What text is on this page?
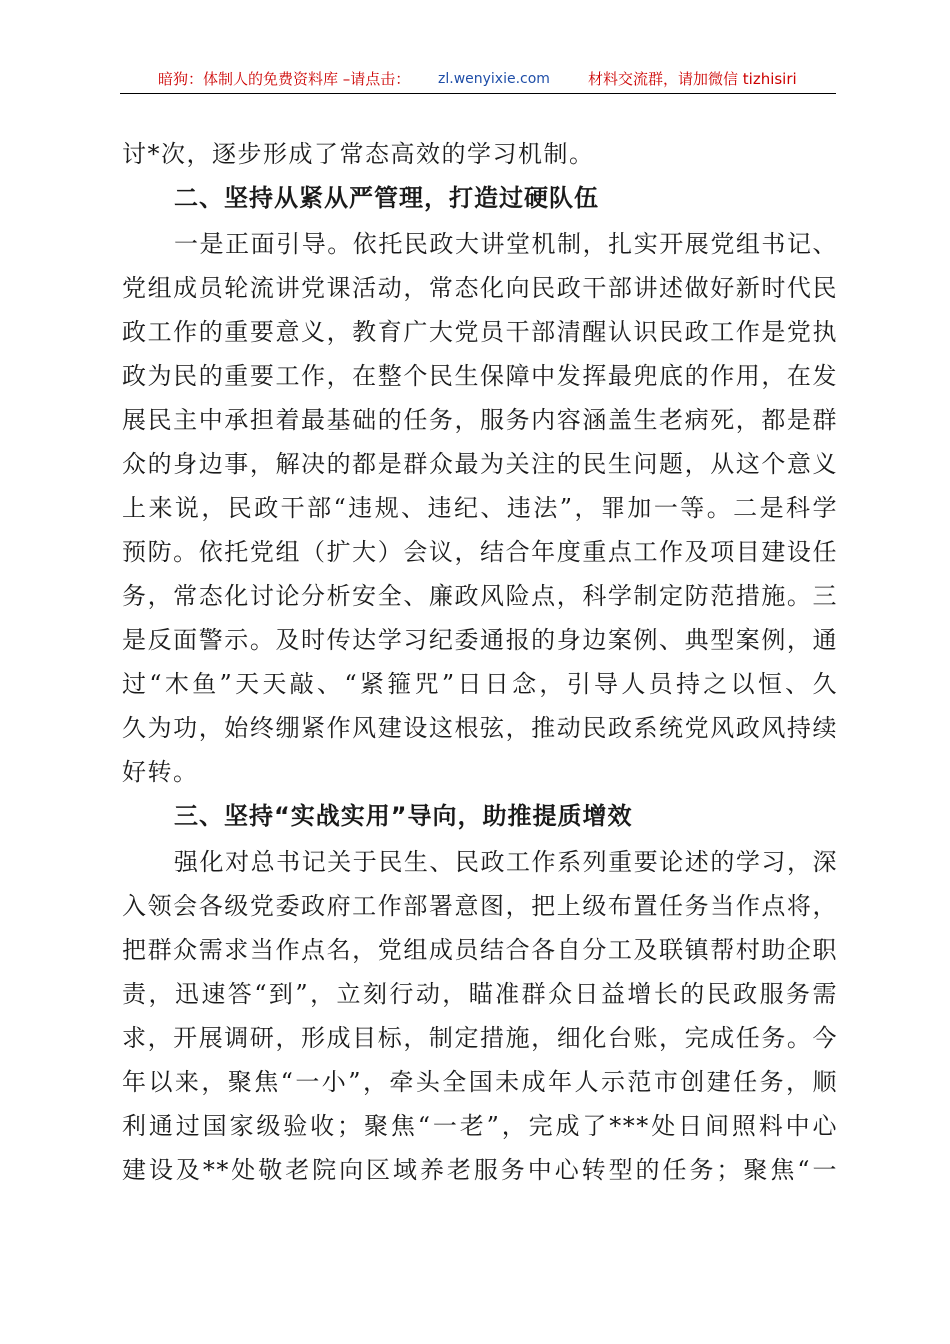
暗狗：体制人的免费资料库 –请点击： zl.wenyixie.com	材料交流群，请加微信 tizhisiri
讨*次，逐步形成了常态高效的学习机制。
二、坚持从紧从严管理，打造过硬队伍
一是正面引导。依托民政大讲堂机制，扎实开展党组书记、
党组成员轮流讲党课活动，常态化向民政干部讲述做好新时代民
政工作的重要意义，教育广大党员干部清醒认识民政工作是党执
政为民的重要工作，在整个民生保障中发挥最兜底的作用，在发
展民主中承担着最基础的任务，服务内容涵盖生老病死，都是群
众的身边事，解决的都是群众最为关注的民生问题，从这个意义
上来说，民政干部“违规、违纪、违法”，罪加一等。二是科学
预防。依托党组（扩大）会议，结合年度重点工作及项目建设任
务，常态化讨论分析安全、廉政风险点，科学制定防范措施。三
是反面警示。及时传达学习纪委通报的身边案例、典型案例，通
过“木鱼”天天敲、“紧箍咒”日日念，引导人员持之以恒、久
久为功，始终绷紧作风建设这根弦，推动民政系统党风政风持续
好转。
三、坚持“实战实用”导向，助推提质增效
强化对总书记关于民生、民政工作系列重要论述的学习，深
入领会各级党委政府工作部署意图，把上级布置任务当作点将，
把群众需求当作点名，党组成员结合各自分工及联镇帮村助企职
责，迅速答“到”，立刻行动，瞄准群众日益增长的民政服务需
求，开展调研，形成目标，制定措施，细化台账，完成任务。今
年以来，聚焦“一小”，牵头全国未成年人示范市创建任务，顺
利通过国家级验收；聚焦“一老”，完成了***处日间照料中心
建设及**处敬老院向区域养老服务中心转型的任务；聚焦“一
